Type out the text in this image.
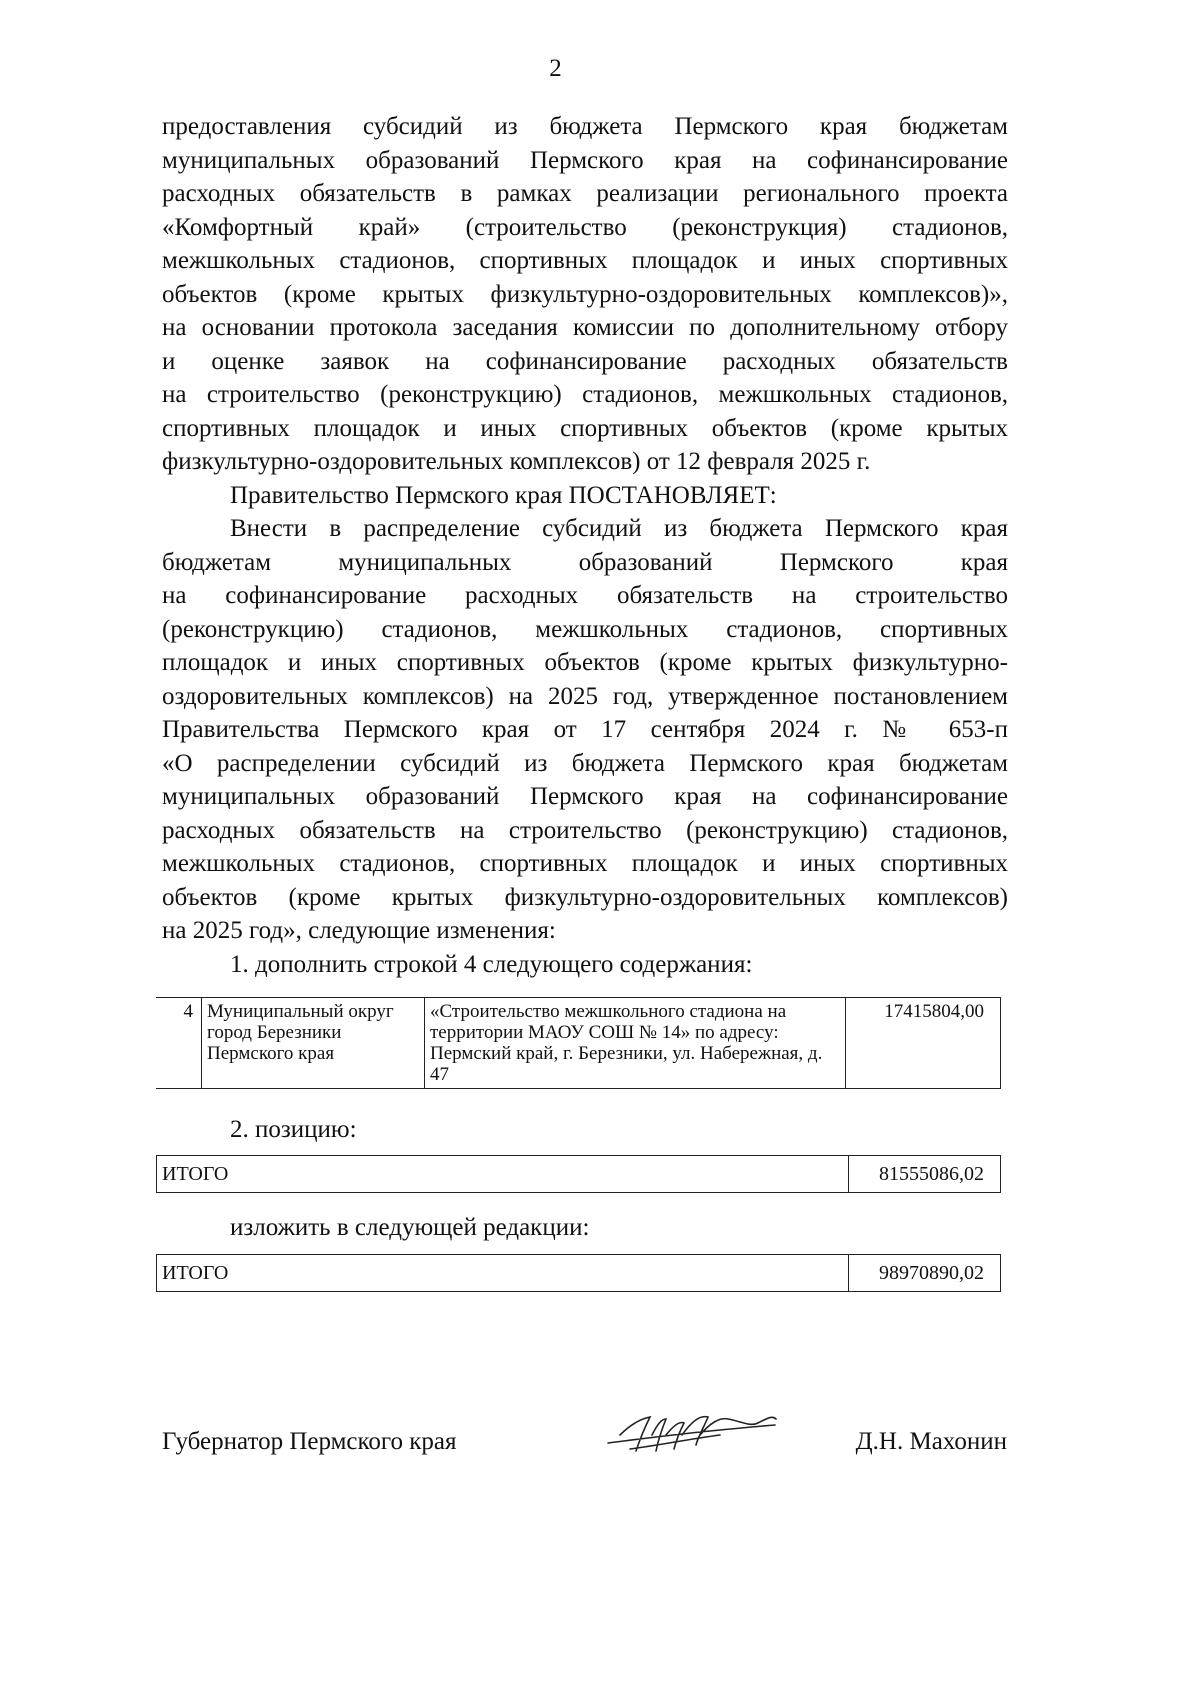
2
предоставления субсидий из бюджета Пермского края бюджетам
муниципальных образований Пермского края на софинансирование
расходных обязательств в рамках реализации регионального проекта
«Комфортный край» (строительство (реконструкция) стадионов,
межшкольных стадионов, спортивных площадок и иных спортивных
объектов (кроме крытых физкультурно-оздоровительных комплексов)»,
на основании протокола заседания комиссии по дополнительному отбору
и оценке заявок на софинансирование расходных обязательств
на строительство (реконструкцию) стадионов, межшкольных стадионов,
спортивных площадок и иных спортивных объектов (кроме крытых
физкультурно-оздоровительных комплексов) от 12 февраля 2025 г.
Правительство Пермского края ПОСТАНОВЛЯЕТ:
Внести в распределение субсидий из бюджета Пермского края
бюджетам муниципальных образований Пермского края
на софинансирование расходных обязательств на строительство
(реконструкцию) стадионов, межшкольных стадионов, спортивных
площадок и иных спортивных объектов (кроме крытых физкультурно-
оздоровительных комплексов) на 2025 год, утвержденное постановлением
Правительства Пермского края от 17 сентября 2024 г. № 653-п
«О распределении субсидий из бюджета Пермского края бюджетам
муниципальных образований Пермского края на софинансирование
расходных обязательств на строительство (реконструкцию) стадионов,
межшкольных стадионов, спортивных площадок и иных спортивных
объектов (кроме крытых физкультурно-оздоровительных комплексов)
на 2025 год», следующие изменения:
1. дополнить строкой 4 следующего содержания:
4	Муниципальный округ город Березники Пермского края	«Строительство межшкольного стадиона на территории МАОУ СОШ № 14» по адресу: Пермский край, г. Березники, ул. Набережная, д. 47	17415804,00
2. позицию:
ИТОГО	81555086,02
изложить в следующей редакции:
ИТОГО	98970890,02
Губернатор Пермского края	Д.Н. Махонин
